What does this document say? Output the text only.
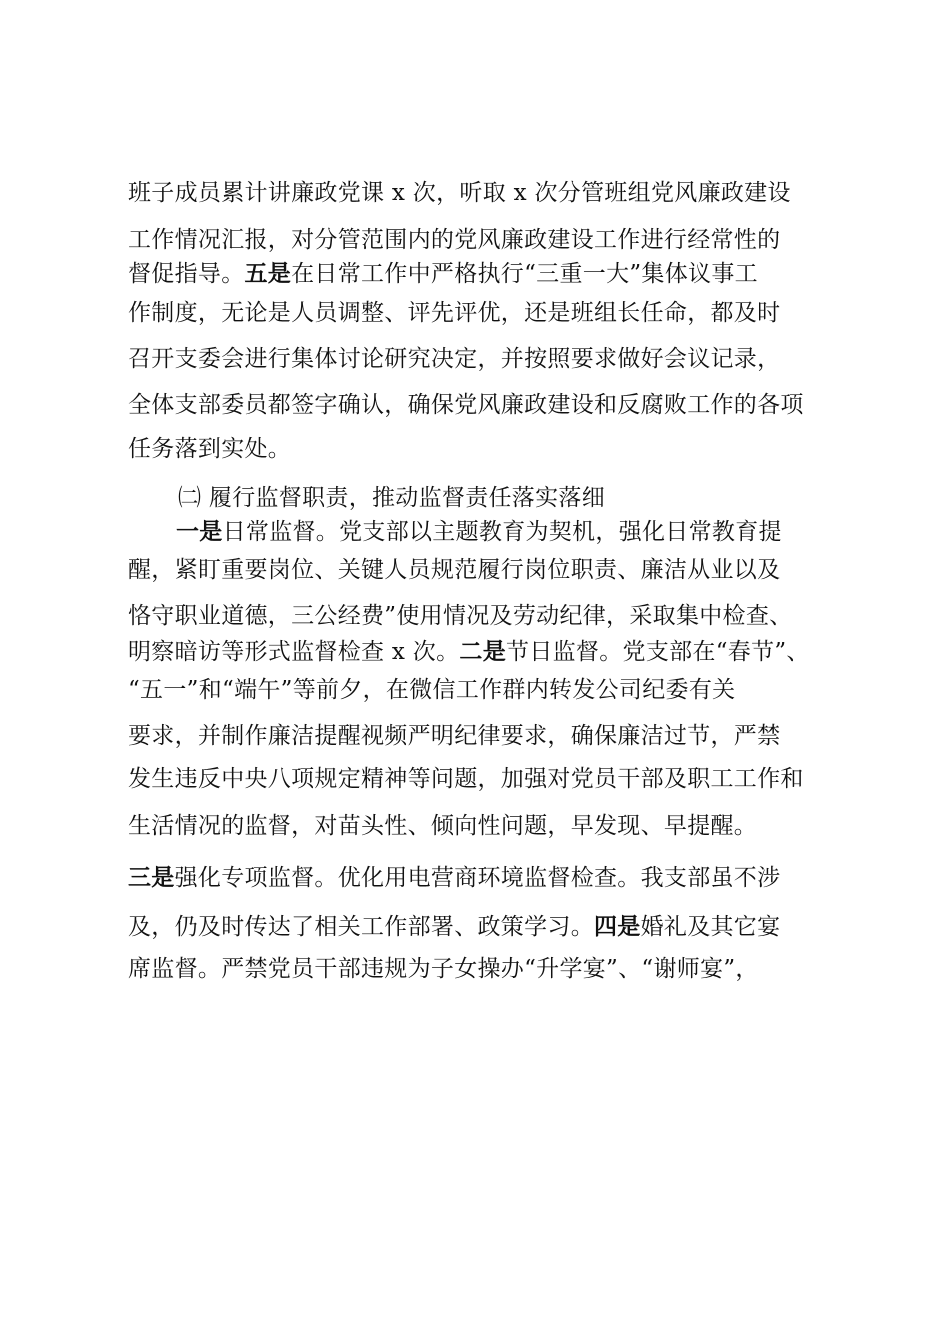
班子成员累计讲廉政党课 x 次，听取 x 次分管班组党风廉政建设
工作情况汇报，对分管范围内的党风廉政建设工作进行经常性的
督促指导。五是在日常工作中严格执行“三重一大”集体议事工
作制度，无论是人员调整、评先评优，还是班组长任命，都及时
召开支委会进行集体讨论研究决定，并按照要求做好会议记录，
全体支部委员都签字确认，确保党风廉政建设和反腐败工作的各项
任务落到实处。
㈡ 履行监督职责，推动监督责任落实落细
一是日常监督。党支部以主题教育为契机，强化日常教育提
醒，紧盯重要岗位、关键人员规范履行岗位职责、廉洁从业以及
恪守职业道德，三公经费”使用情况及劳动纪律，采取集中检查、
明察暗访等形式监督检查 x 次。二是节日监督。党支部在“春节”、
“五一”和“端午”等前夕，在微信工作群内转发公司纪委有关
要求，并制作廉洁提醒视频严明纪律要求，确保廉洁过节，严禁
发生违反中央八项规定精神等问题，加强对党员干部及职工工作和
生活情况的监督，对苗头性、倾向性问题，早发现、早提醒。
三是强化专项监督。优化用电营商环境监督检查。我支部虽不涉
及，仍及时传达了相关工作部署、政策学习。四是婚礼及其它宴
席监督。严禁党员干部违规为子女操办“升学宴”、“谢师宴”，
